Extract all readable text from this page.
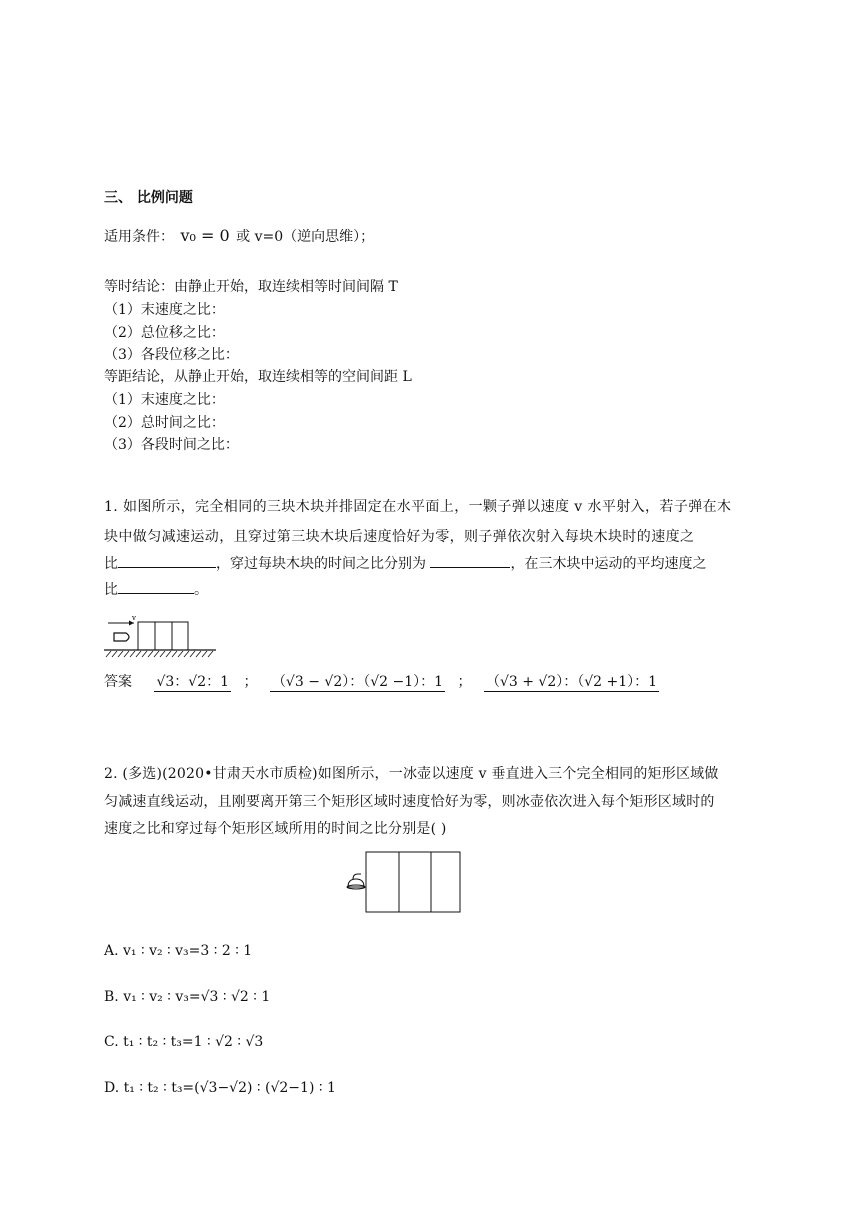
三、 比例问题
适用条件： v₀ = 0 或 v=0（逆向思维）；
等时结论：由静止开始，取连续相等时间间隔 T
（1）末速度之比：
（2）总位移之比：
（3）各段位移之比：
等距结论，从静止开始，取连续相等的空间间距 L
（1）末速度之比：
（2）总时间之比：
（3）各段时间之比：
1. 如图所示，完全相同的三块木块并排固定在水平面上，一颗子弹以速度 v 水平射入，若子弹在木
块中做匀减速运动，且穿过第三块木块后速度恰好为零，则子弹依次射入每块木块时的速度之
比	，穿过每块木块的时间之比分别为	，在三木块中运动的平均速度之
比	。
v
答案 √3：√2：1 ； （√3 − √2）：（√2 −1）：1 ； （√3 + √2）：（√2 +1）：1
2. (多选)(2020•甘肃天水市质检)如图所示，一冰壶以速度 v 垂直进入三个完全相同的矩形区域做
匀减速直线运动，且刚要离开第三个矩形区域时速度恰好为零，则冰壶依次进入每个矩形区域时的
速度之比和穿过每个矩形区域所用的时间之比分别是( )
A. v₁ ∶ v₂ ∶ v₃=3 ∶ 2 ∶ 1
B. v₁ ∶ v₂ ∶ v₃=√3 ∶ √2 ∶ 1
C. t₁ ∶ t₂ ∶ t₃=1 ∶ √2 ∶ √3
D. t₁ ∶ t₂ ∶ t₃=(√3−√2) ∶ (√2−1) ∶ 1
